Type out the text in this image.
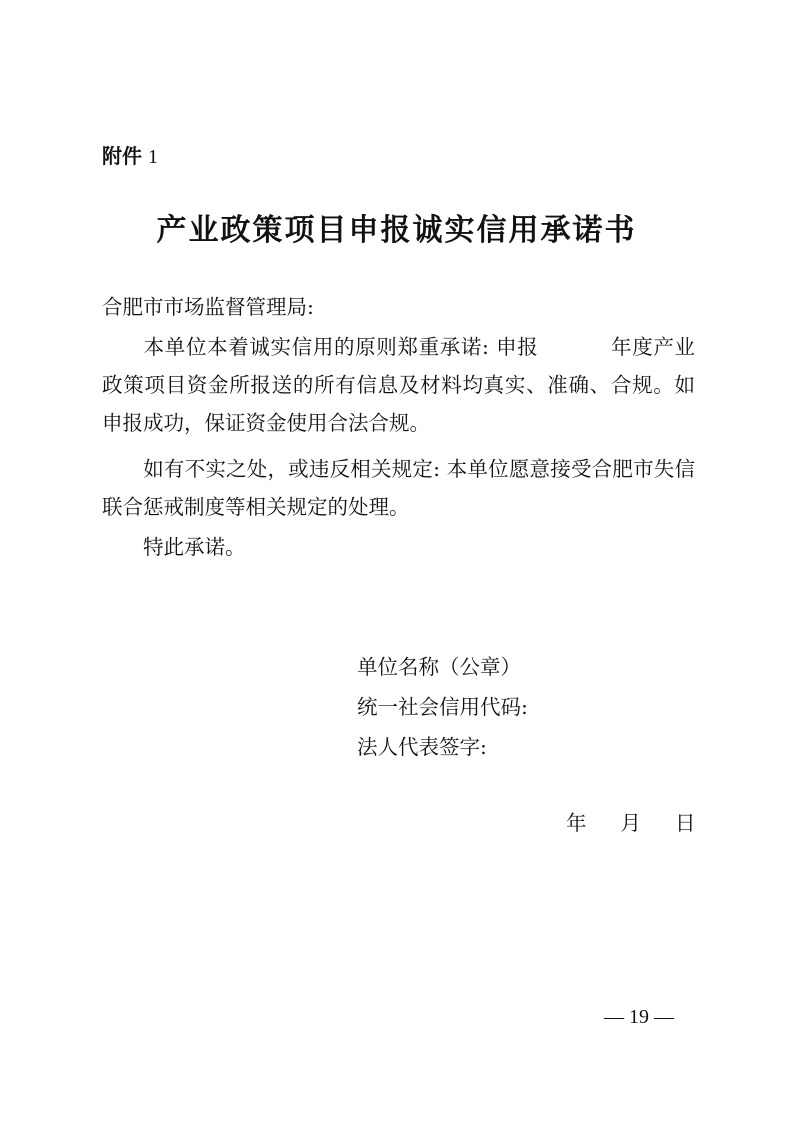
附件 1
产业政策项目申报诚实信用承诺书
合肥市市场监督管理局:
本单位本着诚实信用的原则郑重承诺: 申报	年度产业政策项目资金所报送的所有信息及材料均真实、准确、合规。如申报成功，保证资金使用合法合规。
如有不实之处，或违反相关规定: 本单位愿意接受合肥市失信联合惩戒制度等相关规定的处理。
特此承诺。
单位名称（公章）
统一社会信用代码:
法人代表签字:
年 月 日
— 19 —
